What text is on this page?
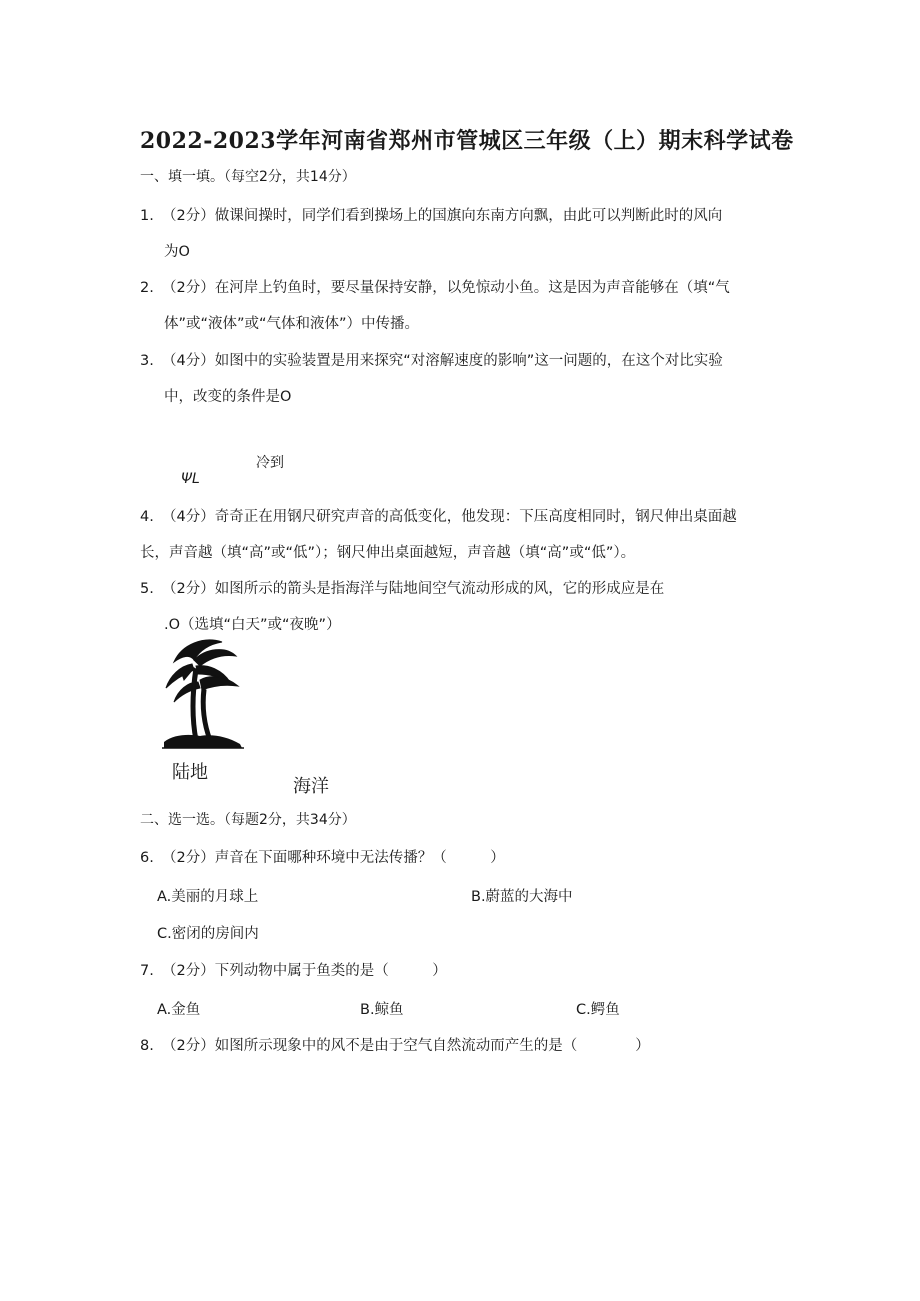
2022-2023学年河南省郑州市管城区三年级（上）期末科学试卷
一、填一填。（每空2分，共14分）
1. （2分）做课间操时，同学们看到操场上的国旗向东南方向飘，由此可以判断此时的风向
为O
2. （2分）在河岸上钓鱼时，要尽量保持安静，以免惊动小鱼。这是因为声音能够在（填“气
体”或“液体”或“气体和液体”）中传播。
3. （4分）如图中的实验装置是用来探究“对溶解速度的影响”这一问题的，在这个对比实验
中，改变的条件是O
冷到
ΨL
4. （4分）奇奇正在用钢尺研究声音的高低变化，他发现：下压高度相同时，钢尺伸出桌面越
长，声音越（填“高”或“低”）；钢尺伸出桌面越短，声音越（填“高”或“低”）。
5. （2分）如图所示的箭头是指海洋与陆地间空气流动形成的风，它的形成应是在
.O（选填“白天”或“夜晚”）
陆地
海洋
二、选一选。（每题2分，共34分）
6. （2分）声音在下面哪种环境中无法传播？（　　　）
A.美丽的月球上	B.蔚蓝的大海中
C.密闭的房间内
7. （2分）下列动物中属于鱼类的是（　　　）
A.金鱼	B.鲸鱼	C.鳄鱼
8. （2分）如图所示现象中的风不是由于空气自然流动而产生的是（　　　　）
